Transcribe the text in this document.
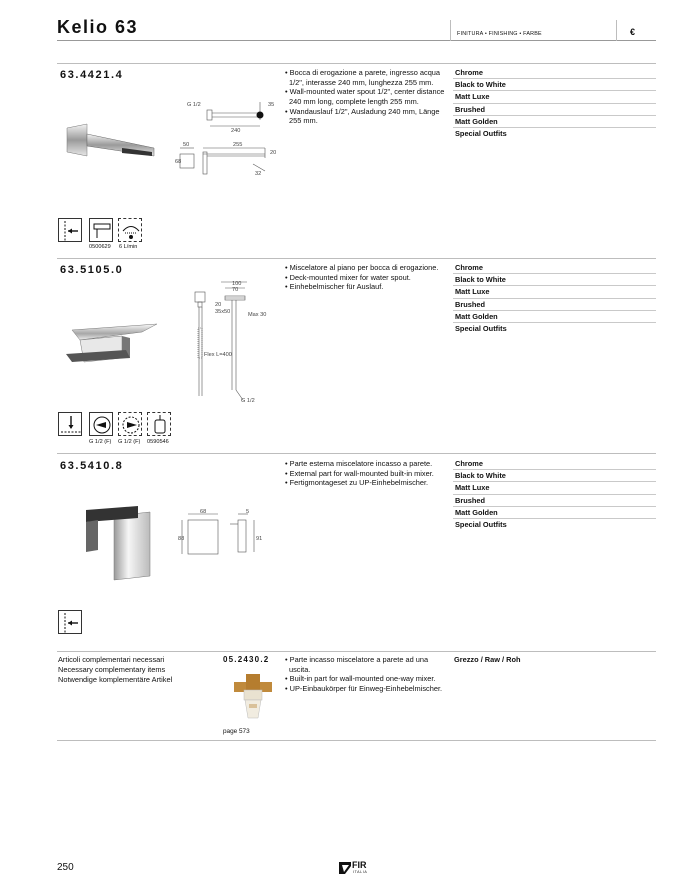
Kelio 63	FINITURA • FINISHING • FARBE	€
63.4421.4	• Bocca di erogazione a parete, ingresso acqua 1/2", interasse 240 mm, lunghezza 255 mm.
• Wall-mounted water spout 1/2", center distance 240 mm long, complete length 255 mm.
• Wandauslauf 1/2", Ausladung 240 mm, Länge 255 mm.
Chrome
Black to White
Matt Luxe
Brushed
Matt Golden
Special Outfits
G 1/2	35
240
255
50
68
20
32
0500629 6 L/min
63.5105.0	• Miscelatore al piano per bocca di erogazione.
• Deck-mounted mixer for water spout.
• Einhebelmischer für Auslauf.
Chrome
Black to White
Matt Luxe
Brushed
Matt Golden
Special Outfits
100
70
20
35x50	Max 30
Flex L=400
G 1/2
G 1/2 (F) G 1/2 (F) 0590546
63.5410.8	• Parte esterna miscelatore incasso a parete.
• External part for wall-mounted built-in mixer.
• Fertigmontageset zu UP-Einhebelmischer.
Chrome
Black to White
Matt Luxe
Brushed
Matt Golden
Special Outfits
68
88	91
5
Articoli complementari necessari
Necessary complementary items
Notwendige komplementäre Artikel
05.2430.2	• Parte incasso miscelatore a parete ad una uscita.
• Built-in part for wall-mounted one-way mixer.
• UP-Einbaukörper für Einweg-Einhebelmischer.
Grezzo / Raw / Roh
page 573
250	FIR
ITALIA
